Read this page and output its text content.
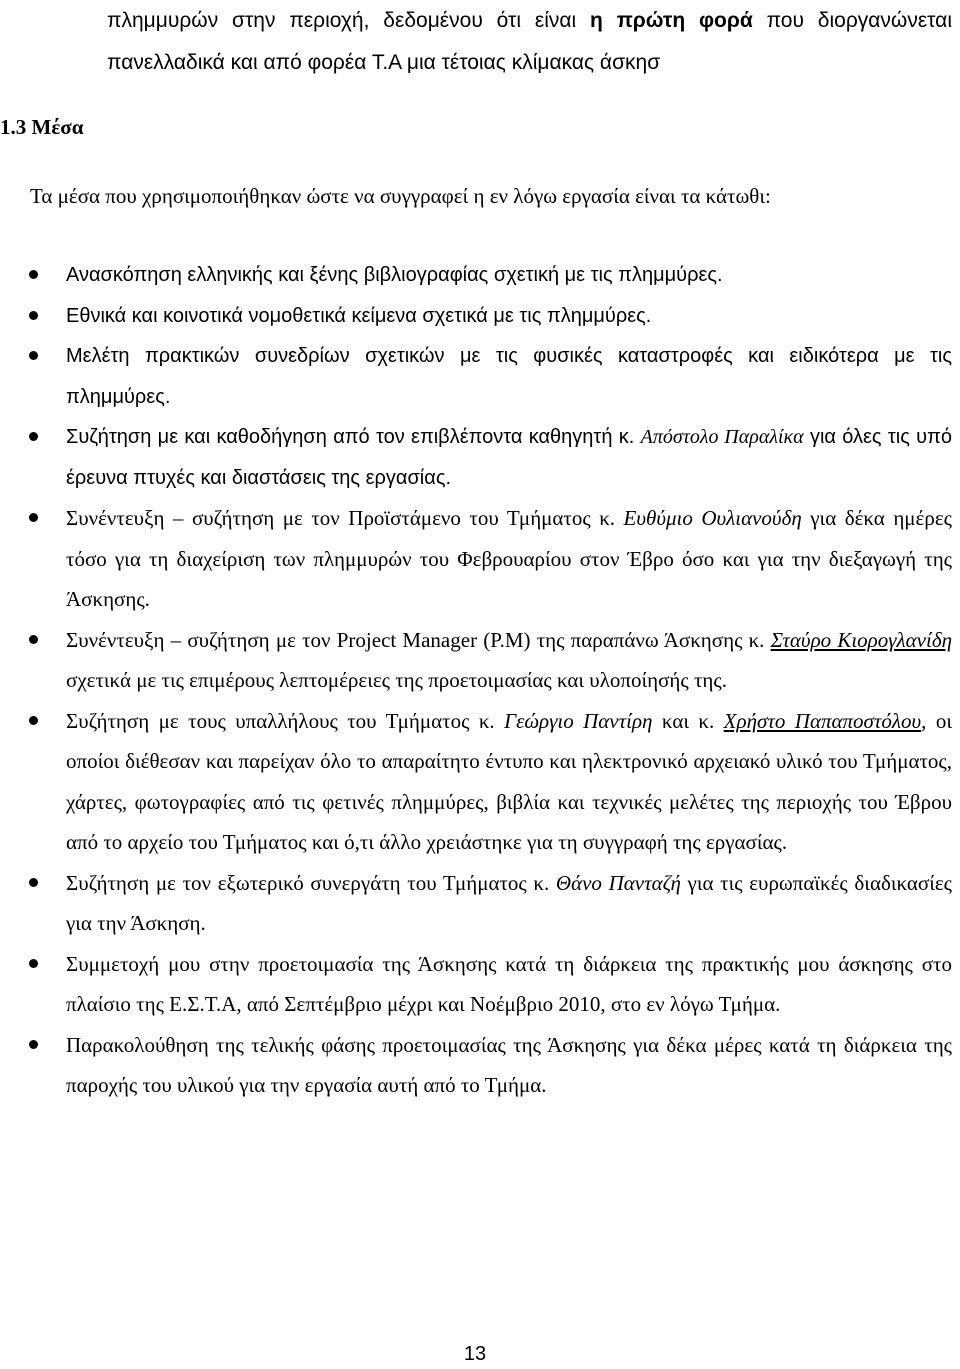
πλημμυρών στην περιοχή, δεδομένου ότι είναι η πρώτη φορά που διοργανώνεται πανελλαδικά και από φορέα Τ.Α μια τέτοιας κλίμακας άσκησ

1.3 Μέσα

Τα μέσα που χρησιμοποιήθηκαν ώστε να συγγραφεί η εν λόγω εργασία είναι τα κάτωθι:

Ανασκόπηση ελληνικής και ξένης βιβλιογραφίας σχετική με τις πλημμύρες.
Εθνικά και κοινοτικά νομοθετικά κείμενα σχετικά με τις πλημμύρες.
Μελέτη πρακτικών συνεδρίων σχετικών με τις φυσικές καταστροφές και ειδικότερα με τις πλημμύρες.
Συζήτηση με και καθοδήγηση από τον επιβλέποντα καθηγητή κ. Απόστολο Παραλίκα για όλες τις υπό έρευνα πτυχές και διαστάσεις της εργασίας.
Συνέντευξη – συζήτηση με τον Προϊστάμενο του Τμήματος κ. Ευθύμιο Ουλιανούδη για δέκα ημέρες τόσο για τη διαχείριση των πλημμυρών του Φεβρουαρίου στον Έβρο όσο και για την διεξαγωγή της Άσκησης.
Συνέντευξη – συζήτηση με τον Project Manager (P.M) της παραπάνω Άσκησης κ. Σταύρο Κιορογλανίδη σχετικά με τις επιμέρους λεπτομέρειες της προετοιμασίας και υλοποίησής της.
Συζήτηση με τους υπαλλήλους του Τμήματος κ. Γεώργιο Παντίρη και κ. Χρήστο Παπαποστόλου, οι οποίοι διέθεσαν και παρείχαν όλο το απαραίτητο έντυπο και ηλεκτρονικό αρχειακό υλικό του Τμήματος, χάρτες, φωτογραφίες από τις φετινές πλημμύρες, βιβλία και τεχνικές μελέτες της περιοχής του Έβρου από το αρχείο του Τμήματος και ό,τι άλλο χρειάστηκε για τη συγγραφή της εργασίας.
Συζήτηση με τον εξωτερικό συνεργάτη του Τμήματος κ. Θάνο Πανταζή για τις ευρωπαϊκές διαδικασίες για την Άσκηση.
Συμμετοχή μου στην προετοιμασία της Άσκησης κατά τη διάρκεια της πρακτικής μου άσκησης στο πλαίσιο της Ε.Σ.Τ.Α, από Σεπτέμβριο μέχρι και Νοέμβριο 2010, στο εν λόγω Τμήμα.
Παρακολούθηση της τελικής φάσης προετοιμασίας της Άσκησης για δέκα μέρες κατά τη διάρκεια της παροχής του υλικού για την εργασία αυτή από το Τμήμα.
13
